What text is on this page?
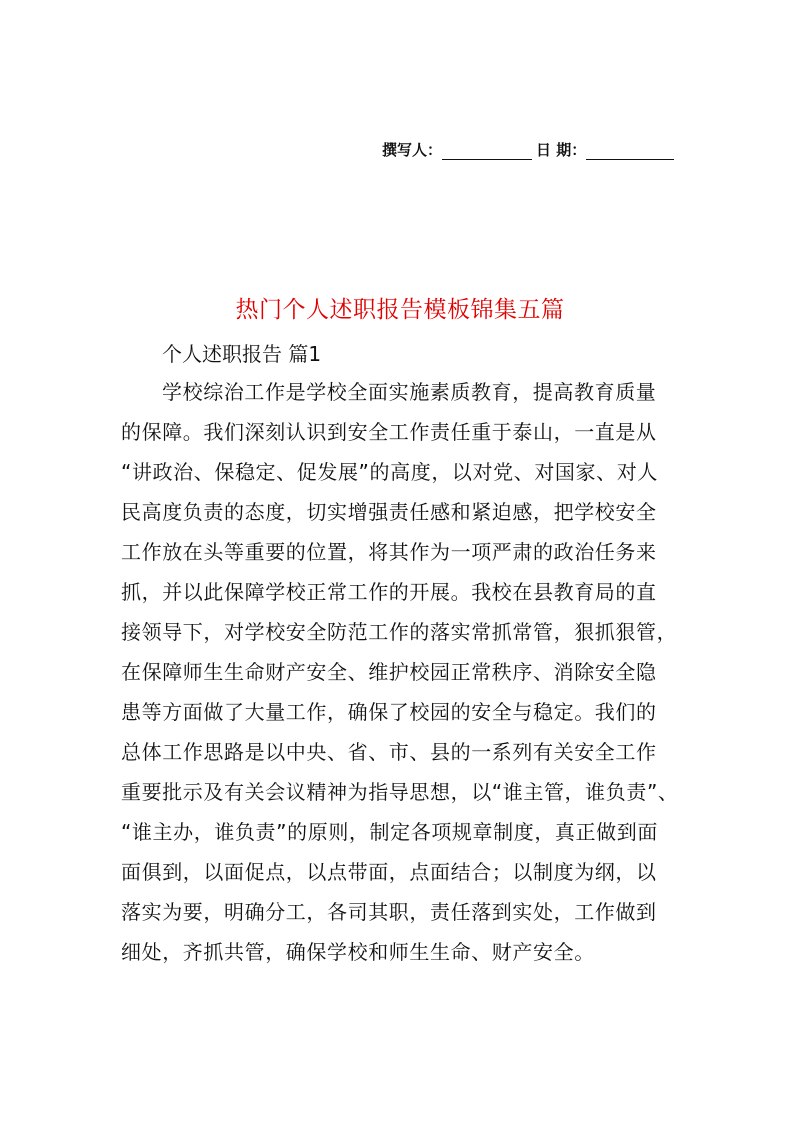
撰写人：	日 期：
热门个人述职报告模板锦集五篇
个人述职报告 篇1
学校综治工作是学校全面实施素质教育，提高教育质量
的保障。我们深刻认识到安全工作责任重于泰山，一直是从
“讲政治、保稳定、促发展”的高度，以对党、对国家、对人
民高度负责的态度，切实增强责任感和紧迫感，把学校安全
工作放在头等重要的位置，将其作为一项严肃的政治任务来
抓，并以此保障学校正常工作的开展。我校在县教育局的直
接领导下，对学校安全防范工作的落实常抓常管，狠抓狠管，
在保障师生生命财产安全、维护校园正常秩序、消除安全隐
患等方面做了大量工作，确保了校园的安全与稳定。我们的
总体工作思路是以中央、省、市、县的一系列有关安全工作
重要批示及有关会议精神为指导思想，以“谁主管，谁负责”、
“谁主办，谁负责”的原则，制定各项规章制度，真正做到面
面俱到，以面促点，以点带面，点面结合；以制度为纲，以
落实为要，明确分工，各司其职，责任落到实处，工作做到
细处，齐抓共管，确保学校和师生生命、财产安全。
